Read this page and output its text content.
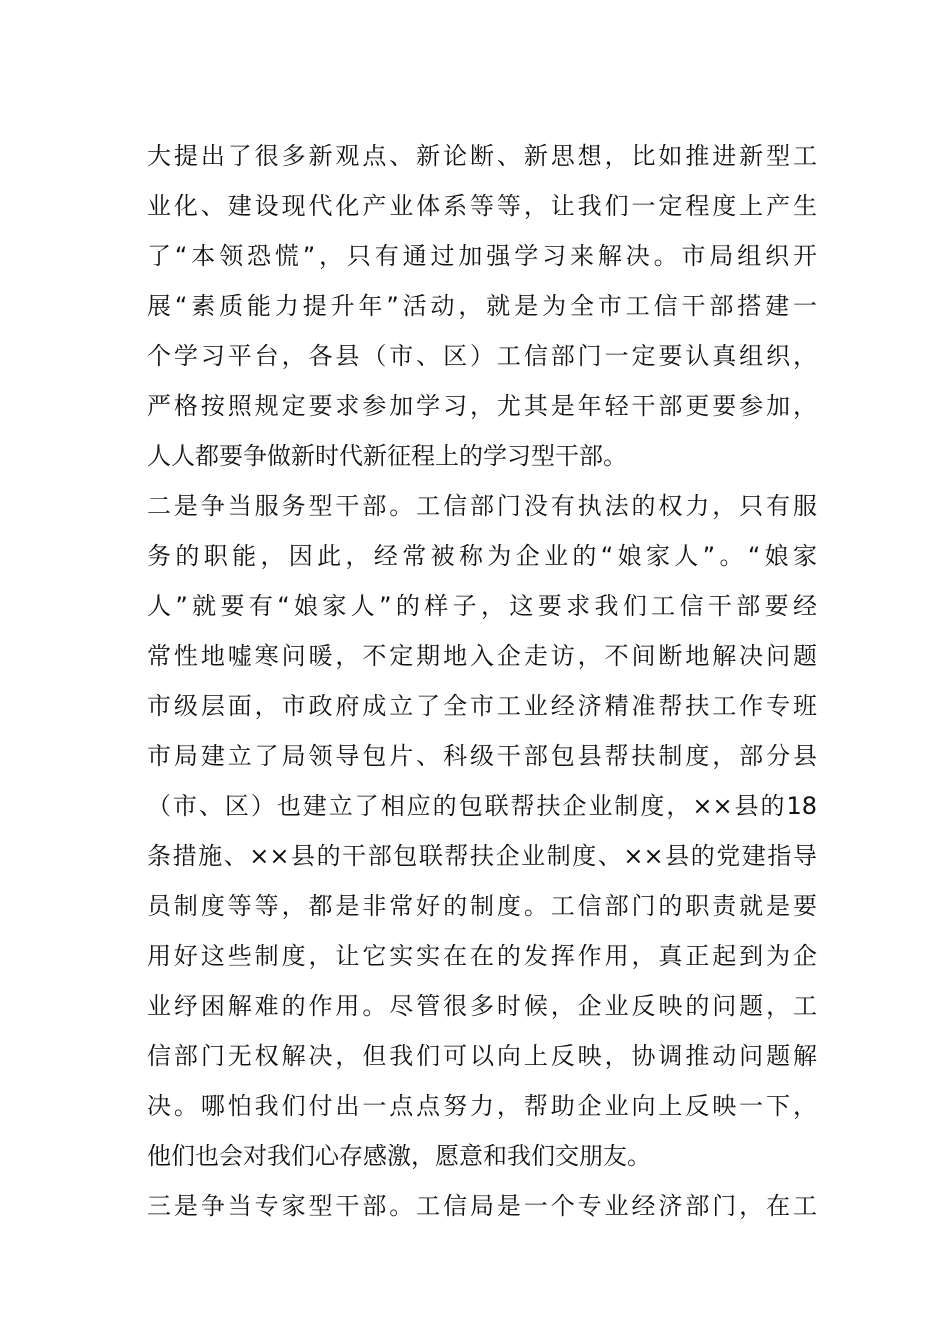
大提出了很多新观点、新论断、新思想，比如推进新型工
业化、建设现代化产业体系等等，让我们一定程度上产生
了“本领恐慌”，只有通过加强学习来解决。市局组织开
展“素质能力提升年”活动，就是为全市工信干部搭建一
个学习平台，各县（市、区）工信部门一定要认真组织，
严格按照规定要求参加学习，尤其是年轻干部更要参加，
人人都要争做新时代新征程上的学习型干部。
二是争当服务型干部。工信部门没有执法的权力，只有服
务的职能，因此，经常被称为企业的“娘家人”。“娘家
人”就要有“娘家人”的样子，这要求我们工信干部要经
常性地嘘寒问暖，不定期地入企走访，不间断地解决问题
市级层面，市政府成立了全市工业经济精准帮扶工作专班
市局建立了局领导包片、科级干部包县帮扶制度，部分县
（市、区）也建立了相应的包联帮扶企业制度，××县的18
条措施、××县的干部包联帮扶企业制度、××县的党建指导
员制度等等，都是非常好的制度。工信部门的职责就是要
用好这些制度，让它实实在在的发挥作用，真正起到为企
业纾困解难的作用。尽管很多时候，企业反映的问题，工
信部门无权解决，但我们可以向上反映，协调推动问题解
决。哪怕我们付出一点点努力，帮助企业向上反映一下，
他们也会对我们心存感激，愿意和我们交朋友。
三是争当专家型干部。工信局是一个专业经济部门，在工
